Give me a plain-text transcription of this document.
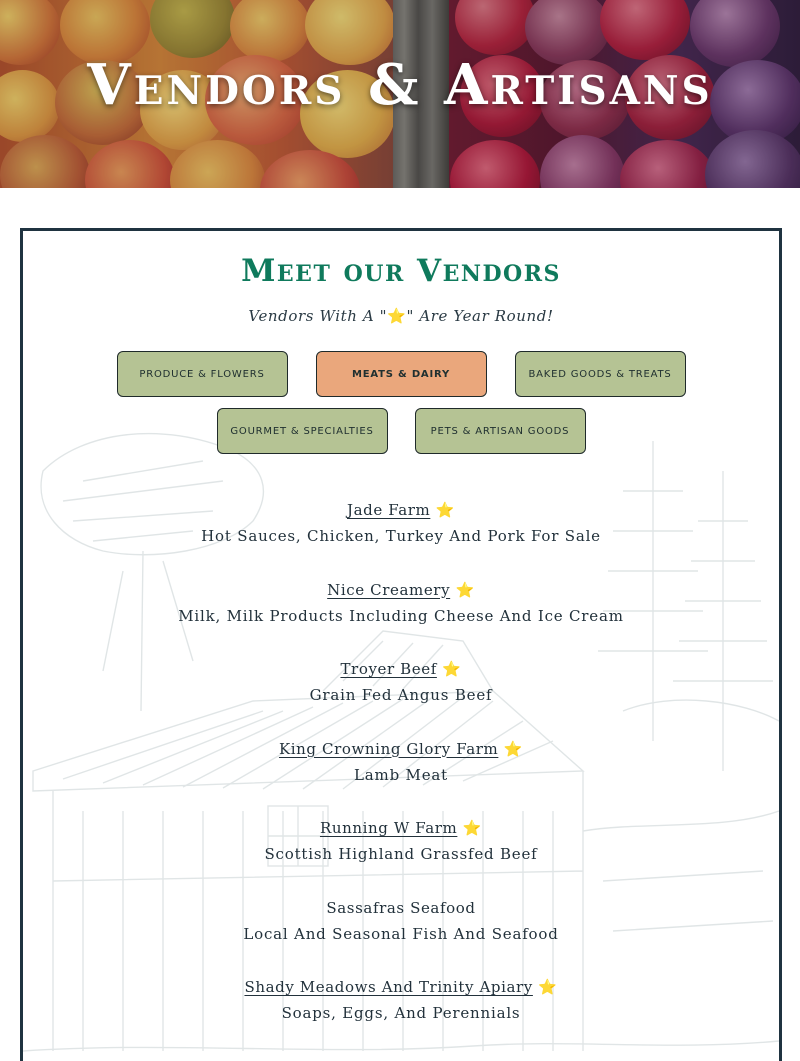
Vendors & Artisans
Meet our Vendors
Vendors With A "⭐" Are Year Round!
PRODUCE & FLOWERS	MEATS & DAIRY	BAKED GOODS & TREATS
GOURMET & SPECIALTIES	PETS & ARTISAN GOODS
Jade Farm ⭐
Hot Sauces, Chicken, Turkey And Pork For Sale
Nice Creamery ⭐
Milk, Milk Products Including Cheese And Ice Cream
Troyer Beef ⭐
Grain Fed Angus Beef
King Crowning Glory Farm ⭐
Lamb Meat
Running W Farm ⭐
Scottish Highland Grassfed Beef
Sassafras Seafood
Local And Seasonal Fish And Seafood
Shady Meadows And Trinity Apiary ⭐
Soaps, Eggs, And Perennials
